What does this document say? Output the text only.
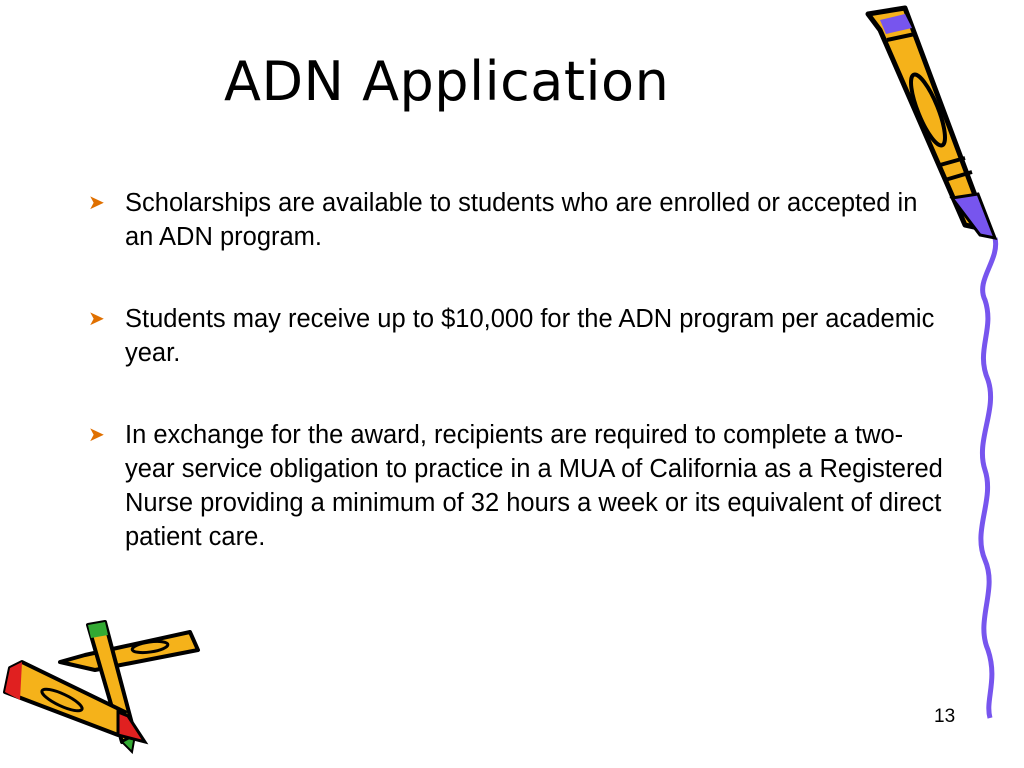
ADN Application
➤ Scholarships are available to students who are enrolled or accepted in an ADN program.
➤ Students may receive up to $10,000 for the ADN program per academic year.
➤ In exchange for the award, recipients are required to complete a two-year service obligation to practice in a MUA of California as a Registered Nurse providing a minimum of 32 hours a week or its equivalent of direct patient care.
13
